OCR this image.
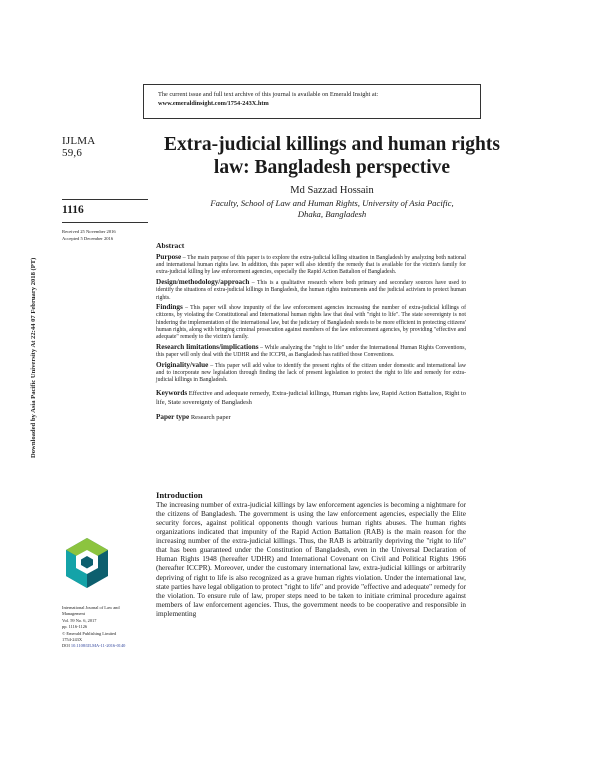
The current issue and full text archive of this journal is available on Emerald Insight at:
www.emeraldinsight.com/1754-243X.htm
IJLMA
59,6
1116
Received 25 November 2016
Accepted 5 December 2016
Downloaded by Asia Pacific University At 22:44 07 February 2018 (PT)
International Journal of Law and
Management
Vol. 59 No. 6, 2017
pp. 1116-1126
© Emerald Publishing Limited
1754-243X
DOI 10.1108/IJLMA-11-2016-0140
Extra-judicial killings and human rights law: Bangladesh perspective
Md Sazzad Hossain
Faculty, School of Law and Human Rights, University of Asia Pacific,
Dhaka, Bangladesh
Abstract

Purpose – The main purpose of this paper is to explore the extra-judicial killing situation in Bangladesh by analyzing both national and international human rights law. In addition, this paper will also identify the remedy that is available for the victim's family for extra-judicial killing by law enforcement agencies, especially the Rapid Action Battalion of Bangladesh.

Design/methodology/approach – This is a qualitative research where both primary and secondary sources have used to identify the situations of extra-judicial killings in Bangladesh, the human rights instruments and the judicial activism to protect human rights.

Findings – This paper will show impunity of the law enforcement agencies increasing the number of extra-judicial killings of citizens, by violating the Constitutional and International human rights law that deal with "right to life". The state sovereignty is not hindering the implementation of the international law, but the judiciary of Bangladesh needs to be more efficient in protecting citizens' human rights, along with bringing criminal prosecution against members of the law enforcement agencies, by providing "effective and adequate" remedy to the victim's family.

Research limitations/implications – While analyzing the "right to life" under the International Human Rights Conventions, this paper will only deal with the UDHR and the ICCPR, as Bangladesh has ratified those Conventions.

Originality/value – This paper will add value to identify the present rights of the citizen under domestic and international law and to incorporate new legislation through finding the lack of present legislation to protect the right to life and remedy for extra-judicial killings in Bangladesh.

Keywords Effective and adequate remedy, Extra-judicial killings, Human rights law, Rapid Action Battalion, Right to life, State sovereignty of Bangladesh

Paper type Research paper

Introduction

The increasing number of extra-judicial killings by law enforcement agencies is becoming a nightmare for the citizens of Bangladesh. The government is using the law enforcement agencies, especially the Elite security forces, against political opponents though various human rights abuses. The human rights organizations indicated that impunity of the Rapid Action Battalion (RAB) is the main reason for the increasing number of the extra-judicial killings. Thus, the RAB is arbitrarily depriving the "right to life" that has been guaranteed under the Constitution of Bangladesh, even in the Universal Declaration of Human Rights 1948 (hereafter UDHR) and International Covenant on Civil and Political Rights 1966 (hereafter ICCPR). Moreover, under the customary international law, extra-judicial killings or arbitrarily depriving of right to life is also recognized as a grave human rights violation. Under the international law, state parties have legal obligation to protect "right to life" and provide "effective and adequate" remedy for the violation. To ensure rule of law, proper steps need to be taken to initiate criminal procedure against members of law enforcement agencies. Thus, the government needs to be cooperative and responsible in implementing
